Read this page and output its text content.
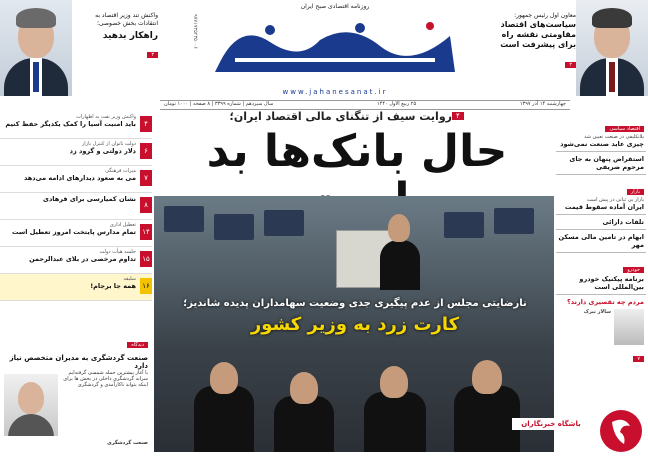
روزنامه اقتصادی صبح ایران
www.jahanesanat.ir
۹۷۷۱۷۳۵۲۳۵۰۰۶	معاون اول رئیس جمهور:
سیاست‌های اقتصاد مقاومتی نقشه راه برای پیشرفت است
۲
واکنش تند وزیر اقتصاد به انتقادات بخش خصوصی؛
راهکار بدهید
۳
چهارشنبه ۱۴ آذر ۱۳۹۷
۲۵ ربیع الاول ۱۴۴۰
سال سیزدهم | شماره ۳۳۹۹ | ۸ صفحه | ۱۰۰۰ تومان
روایت سیف از تنگنای مالی اقتصاد ایران؛ ۴
حال بانک‌ها بد
نارضایتی مجلس از عدم پیگیری جدی وضعیت سهامداران پدیده شاندیز؛
کارت زرد به وزیر کشور
اقتصاد سیاسی
بلاتکلیفی در صنعت تعیین شد
چیزی عاید صنعت نمی‌شود
استقراض پنهان به جای مرحوم ضریفی
بازار
بازار بی ثباتی در پیش است
ایران آماده سقوط قیمت
تلفات دارائی
ابهام در تامین مالی مسکن مهر
خودرو
برنامه پیکنیک خودرو بین‌المللی است
مردم چه تقصیری دارند؟
سالار تیرک
۷
۴
واکنش وزیر نفت به اظهارات
باید امنیت آسیا را کمک یکدیگر حفظ کنیم
۶
دولت ناتوان از کنترل بازار
دلار دولتی و گرود زد
۷
میراث فرهنگی
می به صعود دیدارهای ادامه می‌دهد
۸
نشان کمیارسی برای قرهادی
۱۴
تعطیل اداری
تمام مدارس پایتخت امروز تعطیل است
۱۵
جلسه هیأت دولت
تداوم مرخصی در بلای عبدالرحمن
۱۶
سلیقه
همه جا برجام!
دیدگاه
صنعت گردشگری به مدیران متخصص نیاز دارد
با آغاز بیشترین حمله شمسی گرفته‌ایم سرانه گردشگری داخلی در بخش ها برای اینکه بتواند ناکارآمدی و گردشگری
صنعت گردشگری
باشگاه خبرنگاران
